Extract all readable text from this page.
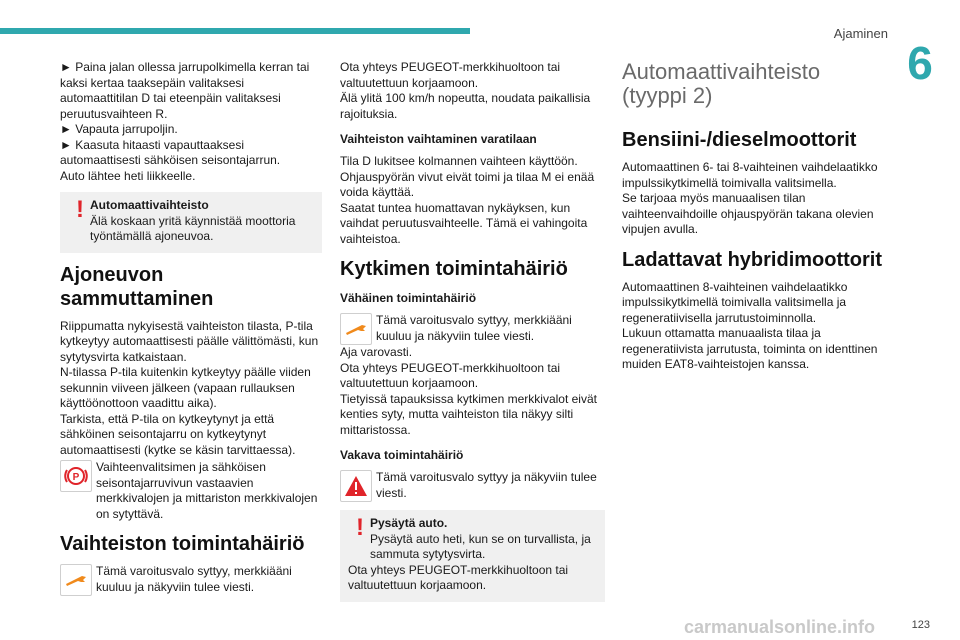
Ajaminen
6

► Paina jalan ollessa jarrupolkimella kerran tai kaksi kertaa taaksepäin valitaksesi automaattitilan D tai eteenpäin valitaksesi peruutusvaihteen R.

► Vapauta jarrupoljin.

► Kaasuta hitaasti vapauttaaksesi automaattisesti sähköisen seisontajarrun.

Auto lähtee heti liikkeelle.

! Automaattivaihteisto

Älä koskaan yritä käynnistää moottoria työntämällä ajoneuvoa.

Ajoneuvon sammuttaminen

Riippumatta nykyisestä vaihteiston tilasta, P-tila kytkeytyy automaattisesti päälle välittömästi, kun sytytysvirta katkaistaan.

N-tilassa P-tila kuitenkin kytkeytyy päälle viiden sekunnin viiveen jälkeen (vapaan rullauksen käyttöönottoon vaadittu aika).

Tarkista, että P-tila on kytkeytynyt ja että sähköinen seisontajarru on kytkeytynyt automaattisesti (kytke se käsin tarvittaessa).

P

Vaihteenvalitsimen ja sähköisen seisontajarruvivun vastaavien merkkivalojen ja mittariston merkkivalojen on sytyttävä.

Vaihteiston toimintahäiriö

Tämä varoitusvalo syttyy, merkkiääni kuuluu ja näkyviin tulee viesti.

Ota yhteys PEUGEOT-merkkihuoltoon tai valtuutettuun korjaamoon.

Älä ylitä 100 km/h nopeutta, noudata paikallisia rajoituksia.

Vaihteiston vaihtaminen varatilaan

Tila D lukitsee kolmannen vaihteen käyttöön. Ohjauspyörän vivut eivät toimi ja tilaa M ei enää voida käyttää.

Saatat tuntea huomattavan nykäyksen, kun vaihdat peruutusvaihteelle. Tämä ei vahingoita vaihteistoa.

Kytkimen toimintahäiriö
Vähäinen toimintahäiriö

Tämä varoitusvalo syttyy, merkkiääni kuuluu ja näkyviin tulee viesti.

Aja varovasti.

Ota yhteys PEUGEOT-merkkihuoltoon tai valtuutettuun korjaamoon.

Tietyissä tapauksissa kytkimen merkkivalot eivät kenties syty, mutta vaihteiston tila näkyy silti mittaristossa.

Vakava toimintahäiriö

Tämä varoitusvalo syttyy ja näkyviin tulee viesti.

! Pysäytä auto.

Pysäytä auto heti, kun se on turvallista, ja sammuta sytytysvirta.

Ota yhteys PEUGEOT-merkkihuoltoon tai valtuutettuun korjaamoon.

Automaattivaihteisto (tyyppi 2)
Bensiini-/dieselmoottorit

Automaattinen 6- tai 8-vaihteinen vaihdelaatikko impulssikytkimellä toimivalla valitsimella.

Se tarjoaa myös manuaalisen tilan vaihteenvaihdoille ohjauspyörän takana olevien vipujen avulla.

Ladattavat hybridimoottorit

Automaattinen 8-vaihteinen vaihdelaatikko impulssikytkimellä toimivalla valitsimella ja regeneratiivisella jarrutustoiminnolla.

Lukuun ottamatta manuaalista tilaa ja regeneratiivista jarrutusta, toiminta on identtinen muiden EAT8-vaihteistojen kanssa.

carmanualsonline.info	123
